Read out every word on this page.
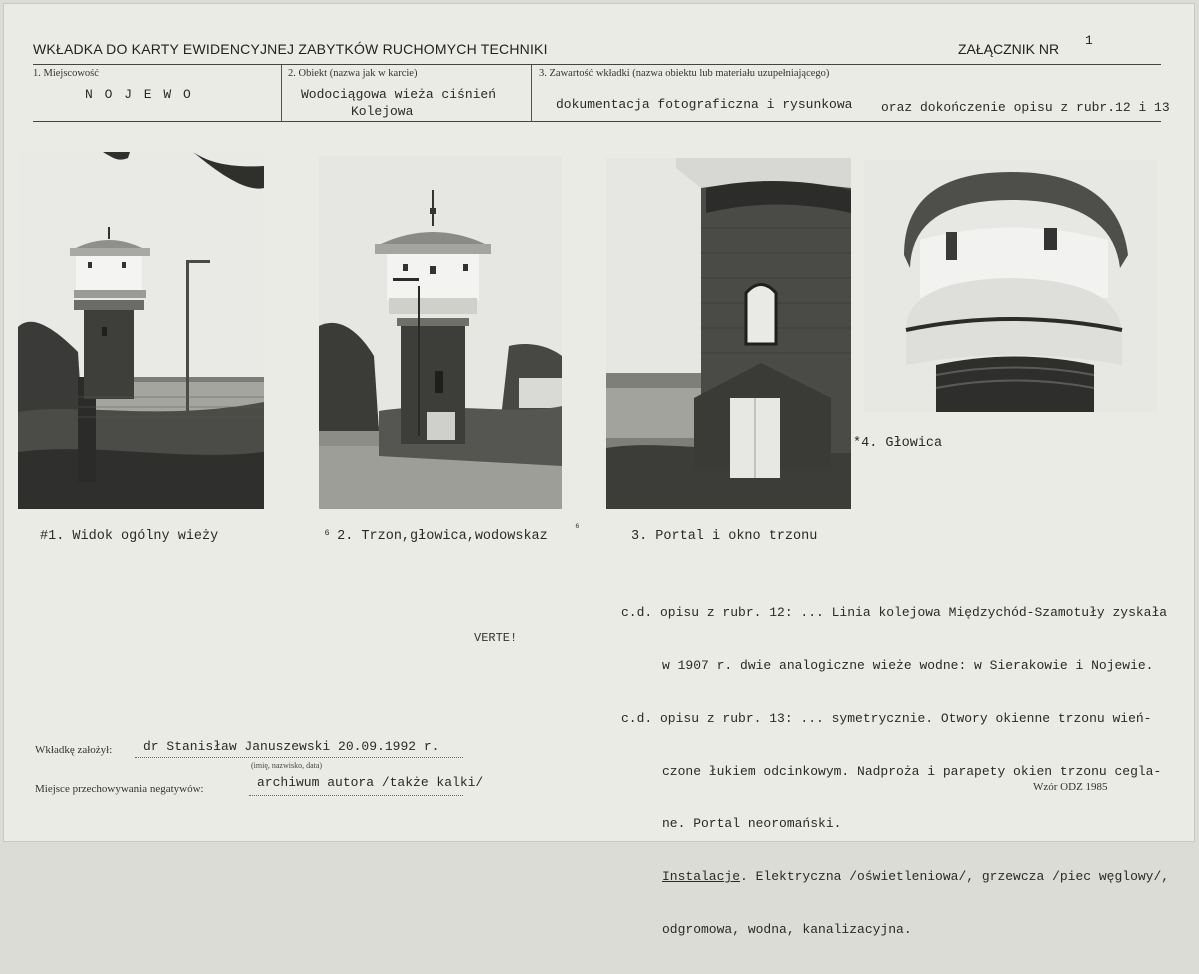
WKŁADKA DO KARTY EWIDENCYJNEJ ZABYTKÓW RUCHOMYCH TECHNIKI	ZAŁĄCZNIK NR
1
1. Miejscowość
N O J E W O
2. Obiekt (nazwa jak w karcie)
Wodociągowa wieża ciśnień
Kolejowa
3. Zawartość wkładki (nazwa obiektu lub materiału uzupełniającego)
dokumentacja fotograficzna i rysunkowa oraz dokończenie opisu z rubr.12 i 13
#1. Widok ogólny wieży	⁶ 2. Trzon,głowica,wodowskaz ⁶	3. Portal i okno trzonu
*4. Głowica

c.d. opisu z rubr. 12: ... Linia kolejowa Międzychód-Szamotuły zyskała

w 1907 r. dwie analogiczne wieże wodne: w Sierakowie i Nojewie.

c.d. opisu z rubr. 13: ... symetrycznie. Otwory okienne trzonu wień-

czone łukiem odcinkowym. Nadproża i parapety okien trzonu cegla-

ne. Portal neoromański.

Instalacje. Elektryczna /oświetleniowa/, grzewcza /piec węglowy/,

odgromowa, wodna, kanalizacyjna.

VERTE!
Wkładkę założył: dr Stanisław Januszewski 20.09.1992 r.
(imię, nazwisko, data)
Miejsce przechowywania negatywów:	archiwum autora /także kalki/	Wzór ODZ 1985
